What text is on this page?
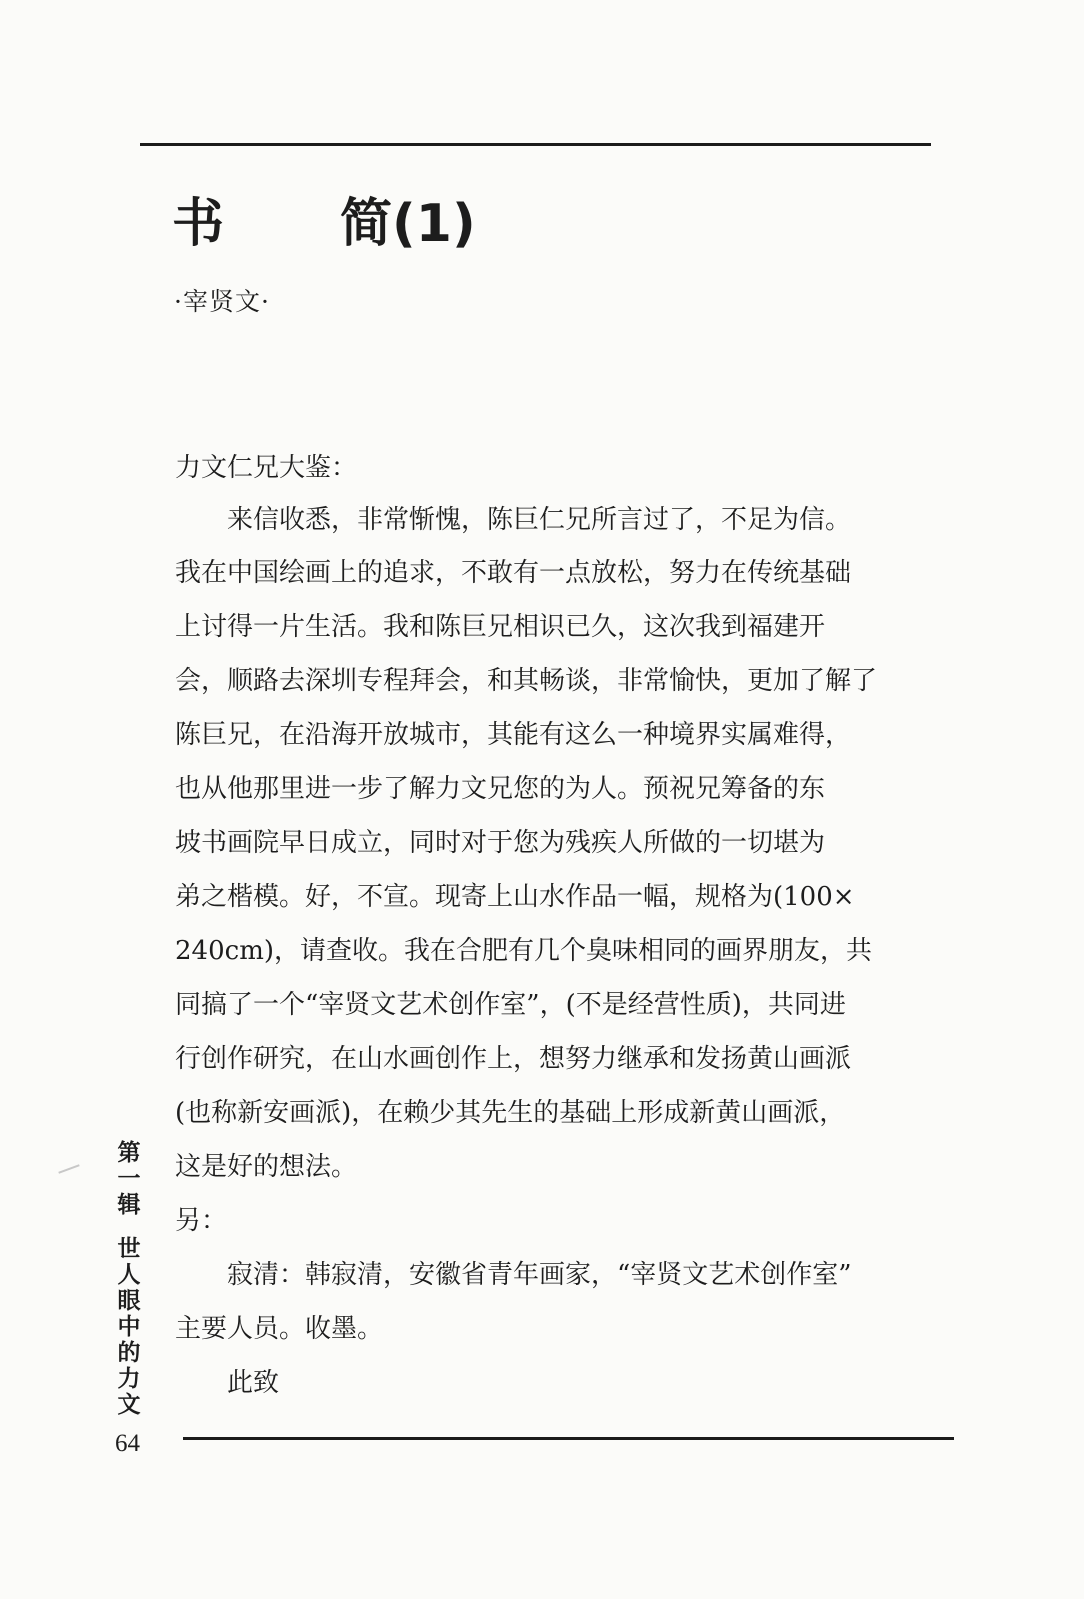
书 简(1)
·宰贤文·
力文仁兄大鉴：
　　来信收悉，非常惭愧，陈巨仁兄所言过了，不足为信。
我在中国绘画上的追求，不敢有一点放松，努力在传统基础
上讨得一片生活。我和陈巨兄相识已久，这次我到福建开
会，顺路去深圳专程拜会，和其畅谈，非常愉快，更加了解了
陈巨兄，在沿海开放城市，其能有这么一种境界实属难得，
也从他那里进一步了解力文兄您的为人。预祝兄筹备的东
坡书画院早日成立，同时对于您为残疾人所做的一切堪为
弟之楷模。好，不宣。现寄上山水作品一幅，规格为(100×
240cm)，请查收。我在合肥有几个臭味相同的画界朋友，共
同搞了一个“宰贤文艺术创作室”，(不是经营性质)，共同进
行创作研究，在山水画创作上，想努力继承和发扬黄山画派
(也称新安画派)，在赖少其先生的基础上形成新黄山画派，
这是好的想法。
另：
　　寂清：韩寂清，安徽省青年画家，“宰贤文艺术创作室”
主要人员。收墨。
　　此致
第
一
辑
世
人
眼
中
的
力
文
64
